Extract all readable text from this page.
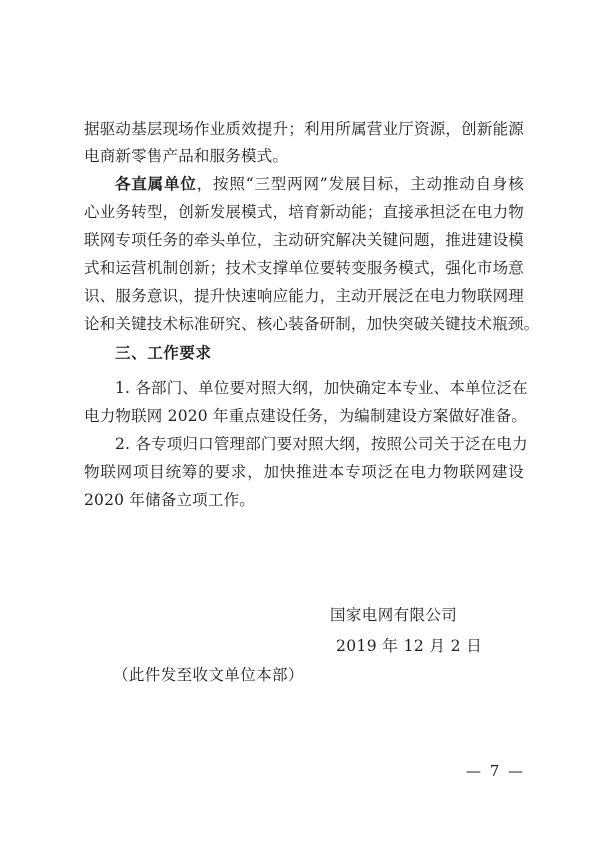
据驱动基层现场作业质效提升；利用所属营业厅资源，创新能源
电商新零售产品和服务模式。
各直属单位，按照“三型两网”发展目标，主动推动自身核
心业务转型，创新发展模式，培育新动能；直接承担泛在电力物
联网专项任务的牵头单位，主动研究解决关键问题，推进建设模
式和运营机制创新；技术支撑单位要转变服务模式，强化市场意
识、服务意识，提升快速响应能力，主动开展泛在电力物联网理
论和关键技术标准研究、核心装备研制，加快突破关键技术瓶颈。
三、工作要求
1. 各部门、单位要对照大纲，加快确定本专业、本单位泛在
电力物联网 2020 年重点建设任务，为编制建设方案做好准备。
2. 各专项归口管理部门要对照大纲，按照公司关于泛在电力
物联网项目统筹的要求，加快推进本专项泛在电力物联网建设
2020 年储备立项工作。
国家电网有限公司
2019 年 12 月 2 日
（此件发至收文单位本部）
— 7 —
